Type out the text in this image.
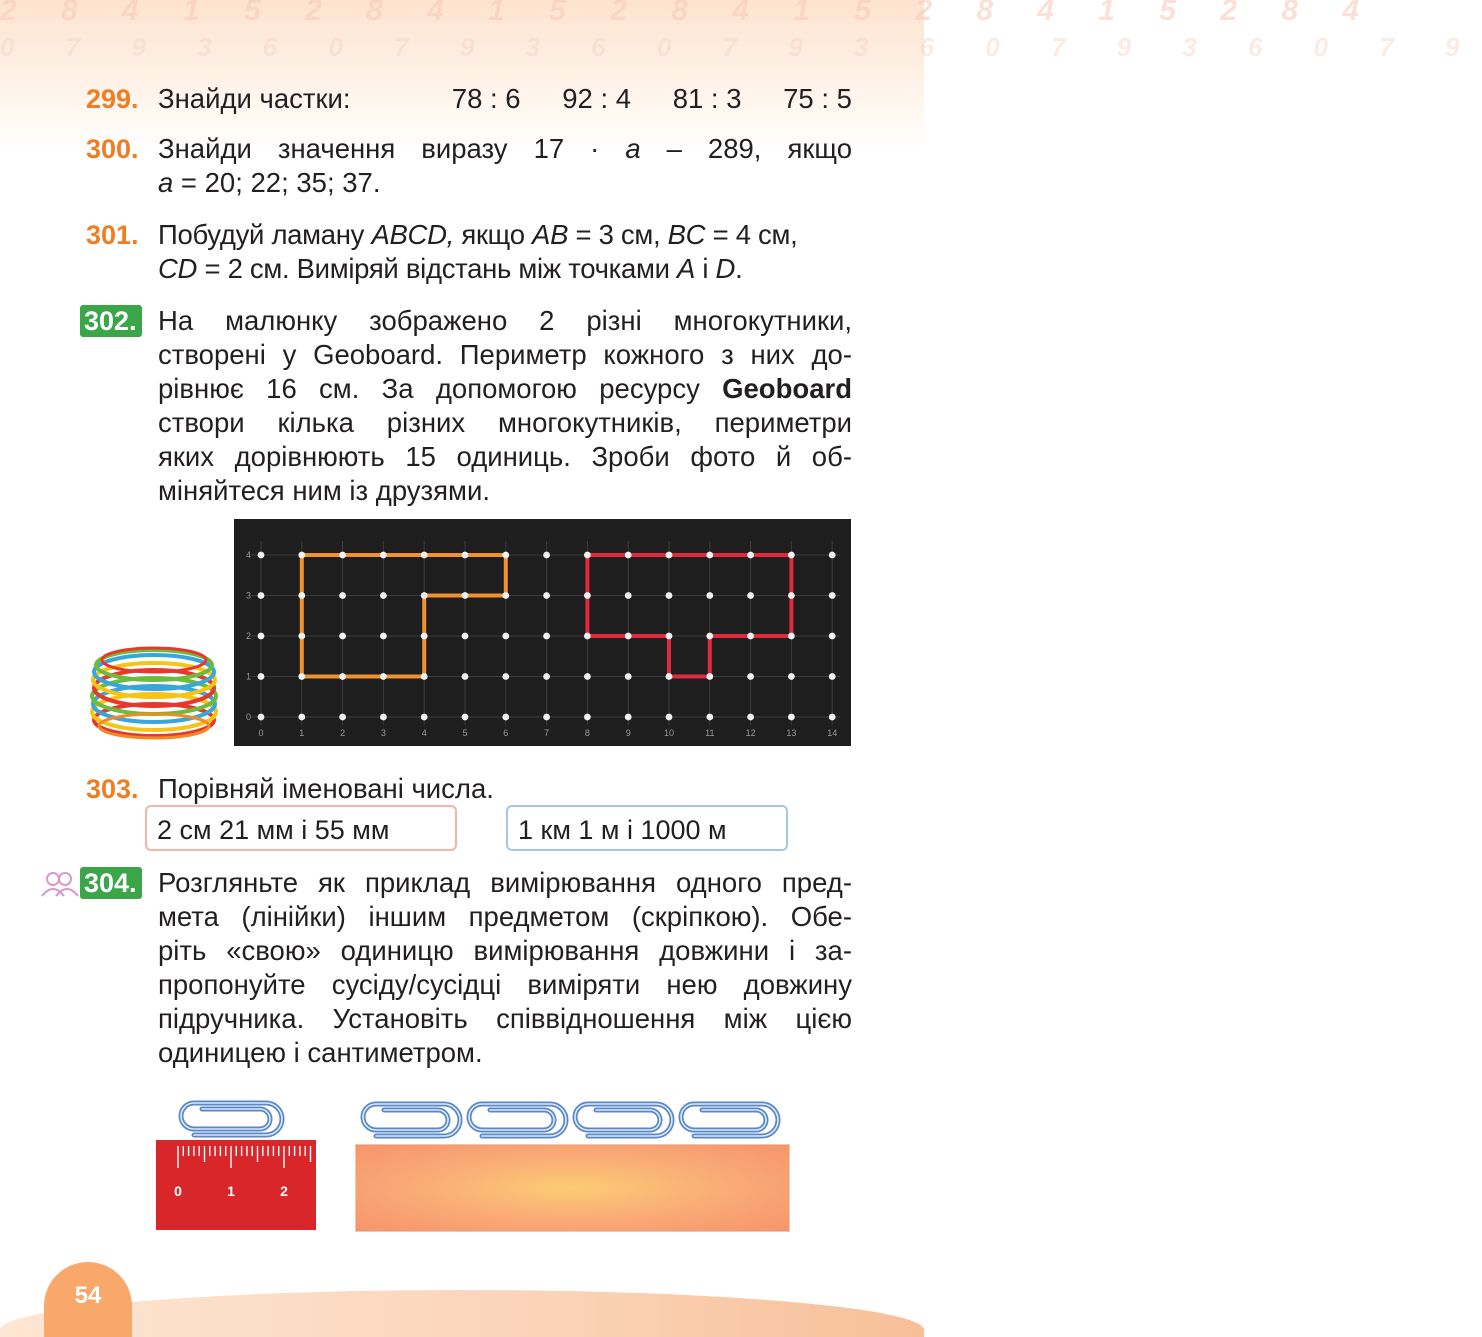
2 8 4 1 5 2 8 4 1 5 2 8 4 1 5 2 8 4 1 5 2 8 4
0 7 9 3 6 0 7 9 3 6 0 7 9 3 6 0 7 9 3 6 0 7 9
299. Знайди частки:	78 : 6 92 : 4 81 : 3 75 : 5
300. Знайди значення виразу 17 · a – 289, якщо
a = 20; 22; 35; 37.
301. Побудуй ламану ABCD, якщо AB = 3 см, BC = 4 см,
CD = 2 см. Виміряй відстань між точками A і D.
302. На малюнку зображено 2 різні многокутники,
створені у Geoboard. Периметр кожного з них до-
рівнює 16 см. За допомогою ресурсу Geoboard
створи кілька різних многокутників, периметри
яких дорівнюють 15 одиниць. Зроби фото й об-
міняйтеся ним із друзями.
0	1	2	3	4	5	6	7	8	9	10	11	12	13	14
0
1
2
3
4
303. Порівняй іменовані числа.
2 см 21 мм і 55 мм	1 км 1 м і 1000 м
304. Розгляньте як приклад вимірювання одного пред-
мета (лінійки) іншим предметом (скріпкою). Обе-
ріть «свою» одиницю вимірювання довжини і за-
пропонуйте сусіду/сусідці виміряти нею довжину
підручника. Установіть співвідношення між цією
одиницею і сантиметром.
0	1	2
54
